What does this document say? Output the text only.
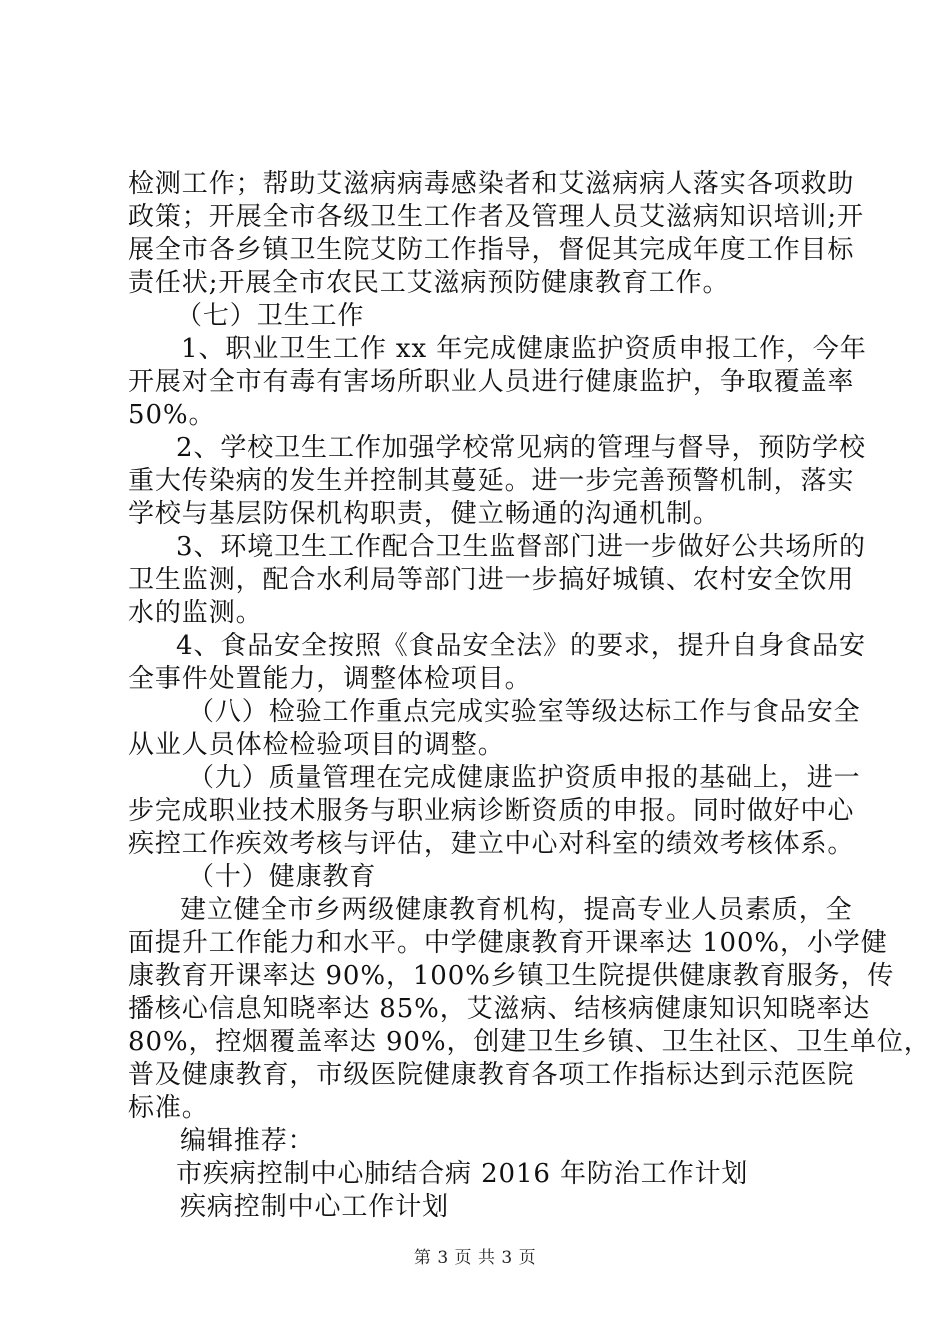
检测工作；帮助艾滋病病毒感染者和艾滋病病人落实各项救助
政策；开展全市各级卫生工作者及管理人员艾滋病知识培训;开
展全市各乡镇卫生院艾防工作指导，督促其完成年度工作目标
责任状;开展全市农民工艾滋病预防健康教育工作。
（七）卫生工作
1、职业卫生工作 xx 年完成健康监护资质申报工作，今年
开展对全市有毒有害场所职业人员进行健康监护，争取覆盖率
50%。
2、学校卫生工作加强学校常见病的管理与督导，预防学校
重大传染病的发生并控制其蔓延。进一步完善预警机制，落实
学校与基层防保机构职责，健立畅通的沟通机制。
3、环境卫生工作配合卫生监督部门进一步做好公共场所的
卫生监测，配合水利局等部门进一步搞好城镇、农村安全饮用
水的监测。
4、食品安全按照《食品安全法》的要求，提升自身食品安
全事件处置能力，调整体检项目。
（八）检验工作重点完成实验室等级达标工作与食品安全
从业人员体检检验项目的调整。
（九）质量管理在完成健康监护资质申报的基础上，进一
步完成职业技术服务与职业病诊断资质的申报。同时做好中心
疾控工作疾效考核与评估，建立中心对科室的绩效考核体系。
（十）健康教育
建立健全市乡两级健康教育机构，提高专业人员素质，全
面提升工作能力和水平。中学健康教育开课率达 100%，小学健
康教育开课率达 90%，100%乡镇卫生院提供健康教育服务，传
播核心信息知晓率达 85%，艾滋病、结核病健康知识知晓率达
80%，控烟覆盖率达 90%，创建卫生乡镇、卫生社区、卫生单位，
普及健康教育，市级医院健康教育各项工作指标达到示范医院
标准。
编辑推荐：
市疾病控制中心肺结合病 2016 年防治工作计划
疾病控制中心工作计划
第 3 页 共 3 页
